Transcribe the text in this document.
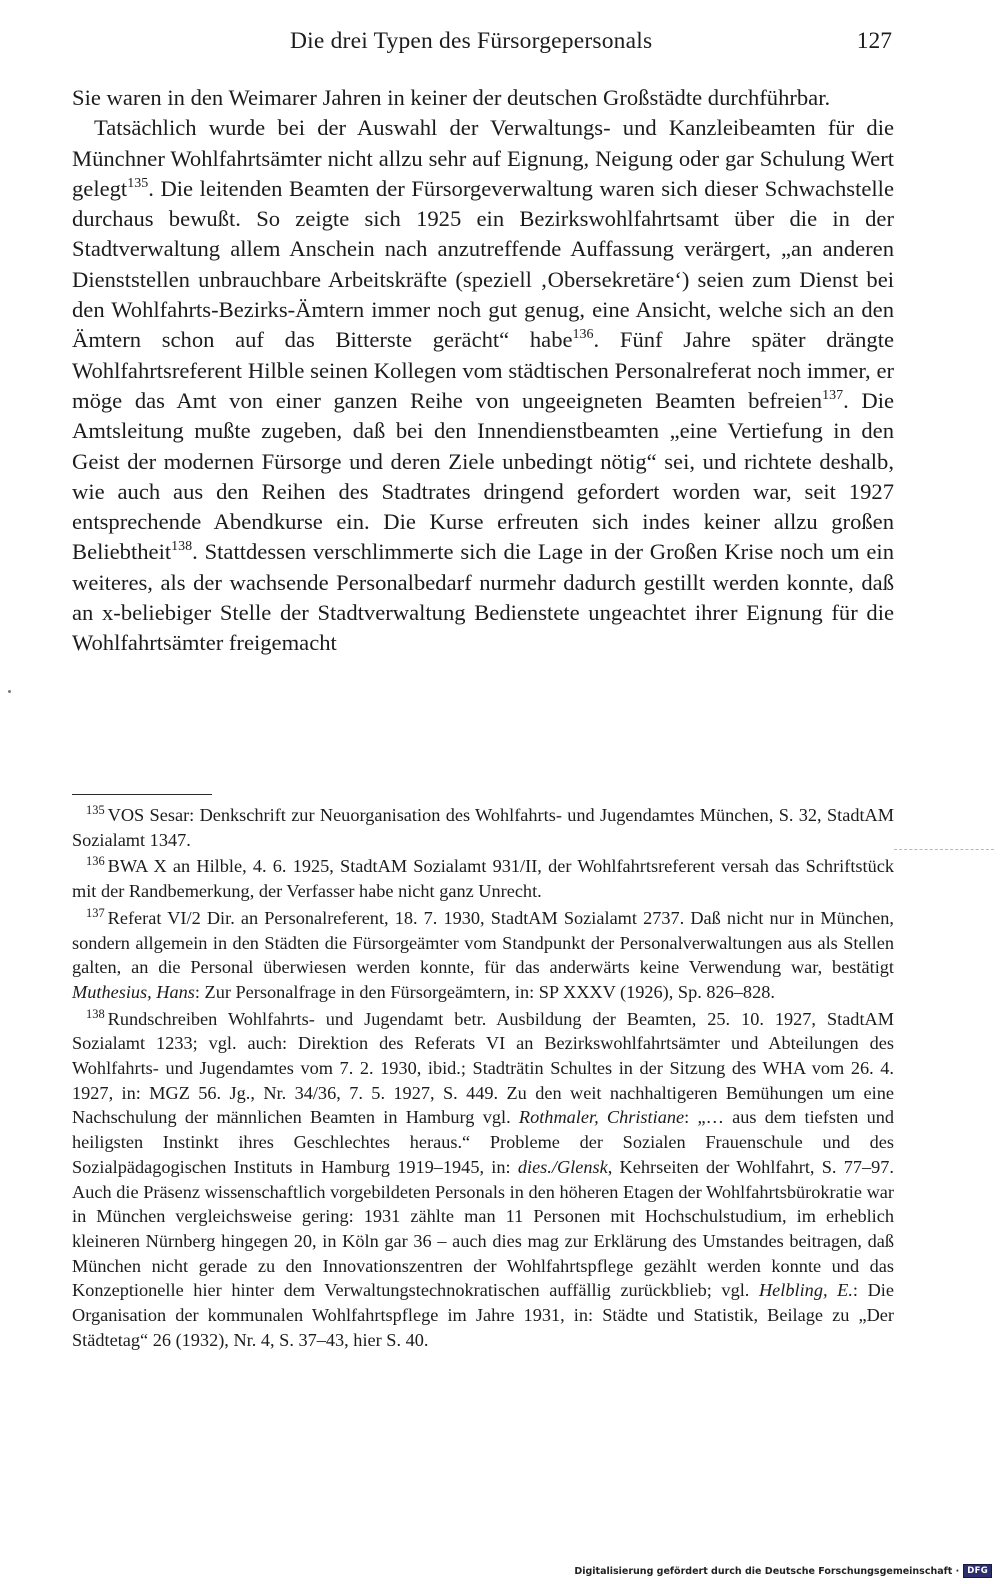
Die drei Typen des Fürsorgepersonals	127

Sie waren in den Weimarer Jahren in keiner der deutschen Großstädte durchführbar.

Tatsächlich wurde bei der Auswahl der Verwaltungs- und Kanzleibeamten für die Münchner Wohlfahrtsämter nicht allzu sehr auf Eignung, Neigung oder gar Schulung Wert gelegt$^{135}$. Die leitenden Beamten der Fürsorgeverwaltung waren sich dieser Schwachstelle durchaus bewußt. So zeigte sich 1925 ein Bezirkswohlfahrtsamt über die in der Stadtverwaltung allem Anschein nach anzutreffende Auffassung verärgert, „an anderen Dienststellen unbrauchbare Arbeitskräfte (speziell ‚Obersekretäre‘) seien zum Dienst bei den Wohlfahrts-Bezirks-Ämtern immer noch gut genug, eine Ansicht, welche sich an den Ämtern schon auf das Bitterste gerächt“ habe$^{136}$. Fünf Jahre später drängte Wohlfahrtsreferent Hilble seinen Kollegen vom städtischen Personalreferat noch immer, er möge das Amt von einer ganzen Reihe von ungeeigneten Beamten befreien$^{137}$. Die Amtsleitung mußte zugeben, daß bei den Innendienstbeamten „eine Vertiefung in den Geist der modernen Fürsorge und deren Ziele unbedingt nötig“ sei, und richtete deshalb, wie auch aus den Reihen des Stadtrates dringend gefordert worden war, seit 1927 entsprechende Abendkurse ein. Die Kurse erfreuten sich indes keiner allzu großen Beliebtheit$^{138}$. Stattdessen verschlimmerte sich die Lage in der Großen Krise noch um ein weiteres, als der wachsende Personalbedarf nurmehr dadurch gestillt werden konnte, daß an x-beliebiger Stelle der Stadtverwaltung Bedienstete ungeachtet ihrer Eignung für die Wohlfahrtsämter freigemacht

$^{135}$ VOS Sesar: Denkschrift zur Neuorganisation des Wohlfahrts- und Jugendamtes München, S. 32, StadtAM Sozialamt 1347.

$^{136}$ BWA X an Hilble, 4. 6. 1925, StadtAM Sozialamt 931/II, der Wohlfahrtsreferent versah das Schriftstück mit der Randbemerkung, der Verfasser habe nicht ganz Unrecht.

$^{137}$ Referat VI/2 Dir. an Personalreferent, 18. 7. 1930, StadtAM Sozialamt 2737. Daß nicht nur in München, sondern allgemein in den Städten die Fürsorgeämter vom Standpunkt der Personalverwaltungen aus als Stellen galten, an die Personal überwiesen werden konnte, für das anderwärts keine Verwendung war, bestätigt Muthesius, Hans: Zur Personalfrage in den Fürsorgeämtern, in: SP XXXV (1926), Sp. 826–828.

$^{138}$ Rundschreiben Wohlfahrts- und Jugendamt betr. Ausbildung der Beamten, 25. 10. 1927, StadtAM Sozialamt 1233; vgl. auch: Direktion des Referats VI an Bezirkswohlfahrtsämter und Abteilungen des Wohlfahrts- und Jugendamtes vom 7. 2. 1930, ibid.; Stadträtin Schultes in der Sitzung des WHA vom 26. 4. 1927, in: MGZ 56. Jg., Nr. 34/36, 7. 5. 1927, S. 449. Zu den weit nachhaltigeren Bemühungen um eine Nachschulung der männlichen Beamten in Hamburg vgl. Rothmaler, Christiane: „… aus dem tiefsten und heiligsten Instinkt ihres Geschlechtes heraus.“ Probleme der Sozialen Frauenschule und des Sozialpädagogischen Instituts in Hamburg 1919–1945, in: dies./Glensk, Kehrseiten der Wohlfahrt, S. 77–97. Auch die Präsenz wissenschaftlich vorgebildeten Personals in den höheren Etagen der Wohlfahrtsbürokratie war in München vergleichsweise gering: 1931 zählte man 11 Personen mit Hochschulstudium, im erheblich kleineren Nürnberg hingegen 20, in Köln gar 36 – auch dies mag zur Erklärung des Umstandes beitragen, daß München nicht gerade zu den Innovationszentren der Wohlfahrtspflege gezählt werden konnte und das Konzeptionelle hier hinter dem Verwaltungstechnokratischen auffällig zurückblieb; vgl. Helbling, E.: Die Organisation der kommunalen Wohlfahrtspflege im Jahre 1931, in: Städte und Statistik, Beilage zu „Der Städtetag“ 26 (1932), Nr. 4, S. 37–43, hier S. 40.

Digitalisierung gefördert durch die Deutsche Forschungsgemeinschaft · DFG
